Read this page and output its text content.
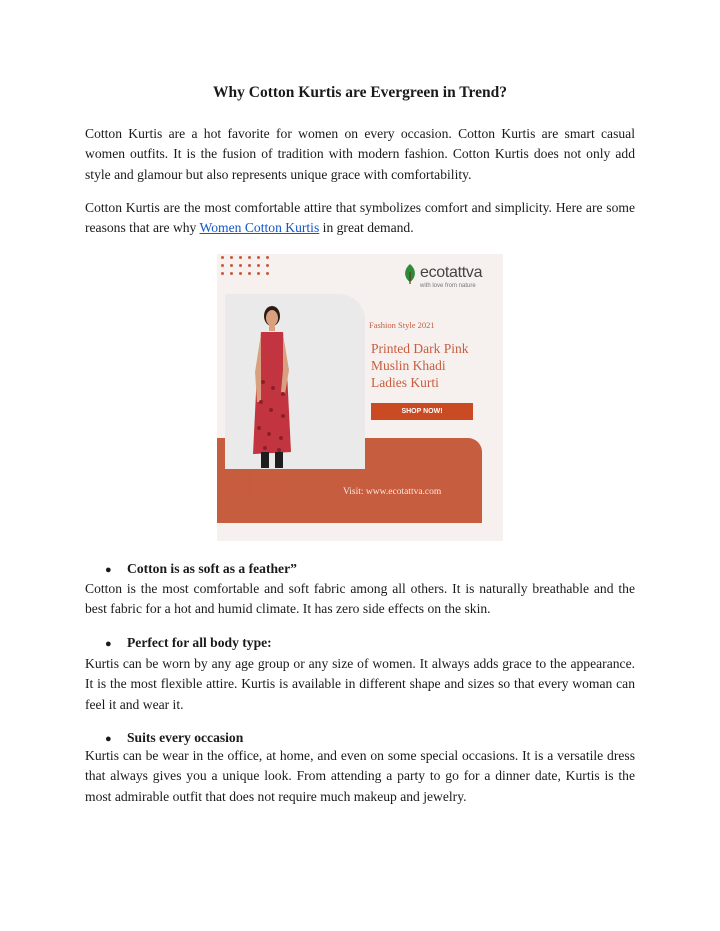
Why Cotton Kurtis are Evergreen in Trend?

Cotton Kurtis are a hot favorite for women on every occasion. Cotton Kurtis are smart casual women outfits. It is the fusion of tradition with modern fashion. Cotton Kurtis does not only add style and glamour but also represents unique grace with comfortability.

Cotton Kurtis are the most comfortable attire that symbolizes comfort and simplicity. Here are some reasons that are why Women Cotton Kurtis in great demand.

ecotattva
with love from nature
Fashion Style 2021
Printed Dark Pink
Muslin Khadi
Ladies Kurti
SHOP NOW!
Visit: www.ecotattva.com

● Cotton is as soft as a feather”

Cotton is the most comfortable and soft fabric among all others. It is naturally breathable and the best fabric for a hot and humid climate. It has zero side effects on the skin.

● Perfect for all body type:

Kurtis can be worn by any age group or any size of women. It always adds grace to the appearance. It is the most flexible attire. Kurtis is available in different shape and sizes so that every woman can feel it and wear it.

● Suits every occasion

Kurtis can be wear in the office, at home, and even on some special occasions. It is a versatile dress that always gives you a unique look. From attending a party to go for a dinner date, Kurtis is the most admirable outfit that does not require much makeup and jewelry.
